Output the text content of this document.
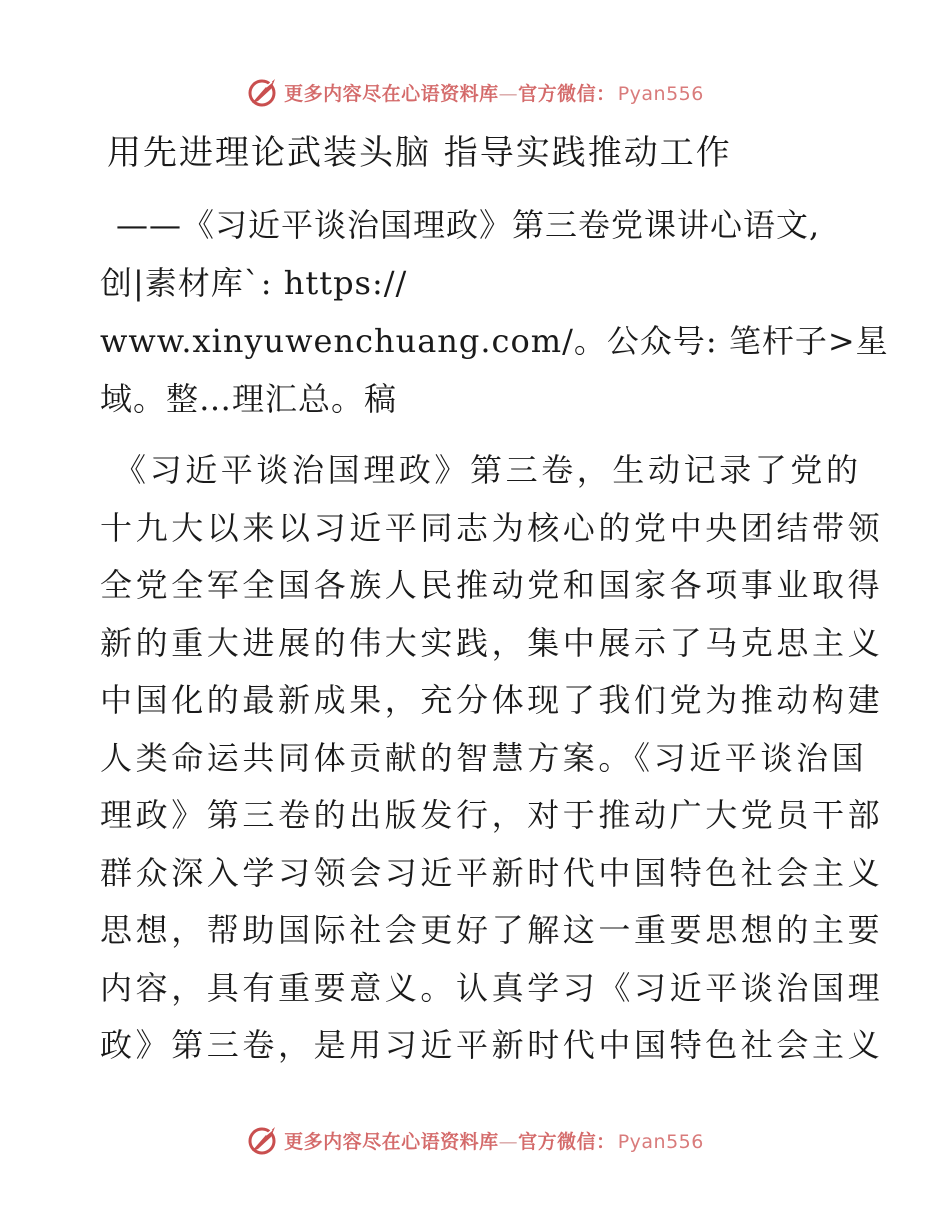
更多内容尽在心语资料库—官方微信： Pyan556
用先进理论武装头脑 指导实践推动工作
——《习近平谈治国理政》第三卷党课讲心语文,
创|素材库`: https://
www.xinyuwenchuang.com/。公众号: 笔杆子>星
域。整…理汇总。稿
《习近平谈治国理政》第三卷，生动记录了党的
十九大以来以习近平同志为核心的党中央团结带领
全党全军全国各族人民推动党和国家各项事业取得
新的重大进展的伟大实践，集中展示了马克思主义
中国化的最新成果，充分体现了我们党为推动构建
人类命运共同体贡献的智慧方案。《习近平谈治国
理政》第三卷的出版发行，对于推动广大党员干部
群众深入学习领会习近平新时代中国特色社会主义
思想，帮助国际社会更好了解这一重要思想的主要
内容，具有重要意义。认真学习《习近平谈治国理
政》第三卷，是用习近平新时代中国特色社会主义
更多内容尽在心语资料库—官方微信： Pyan556
